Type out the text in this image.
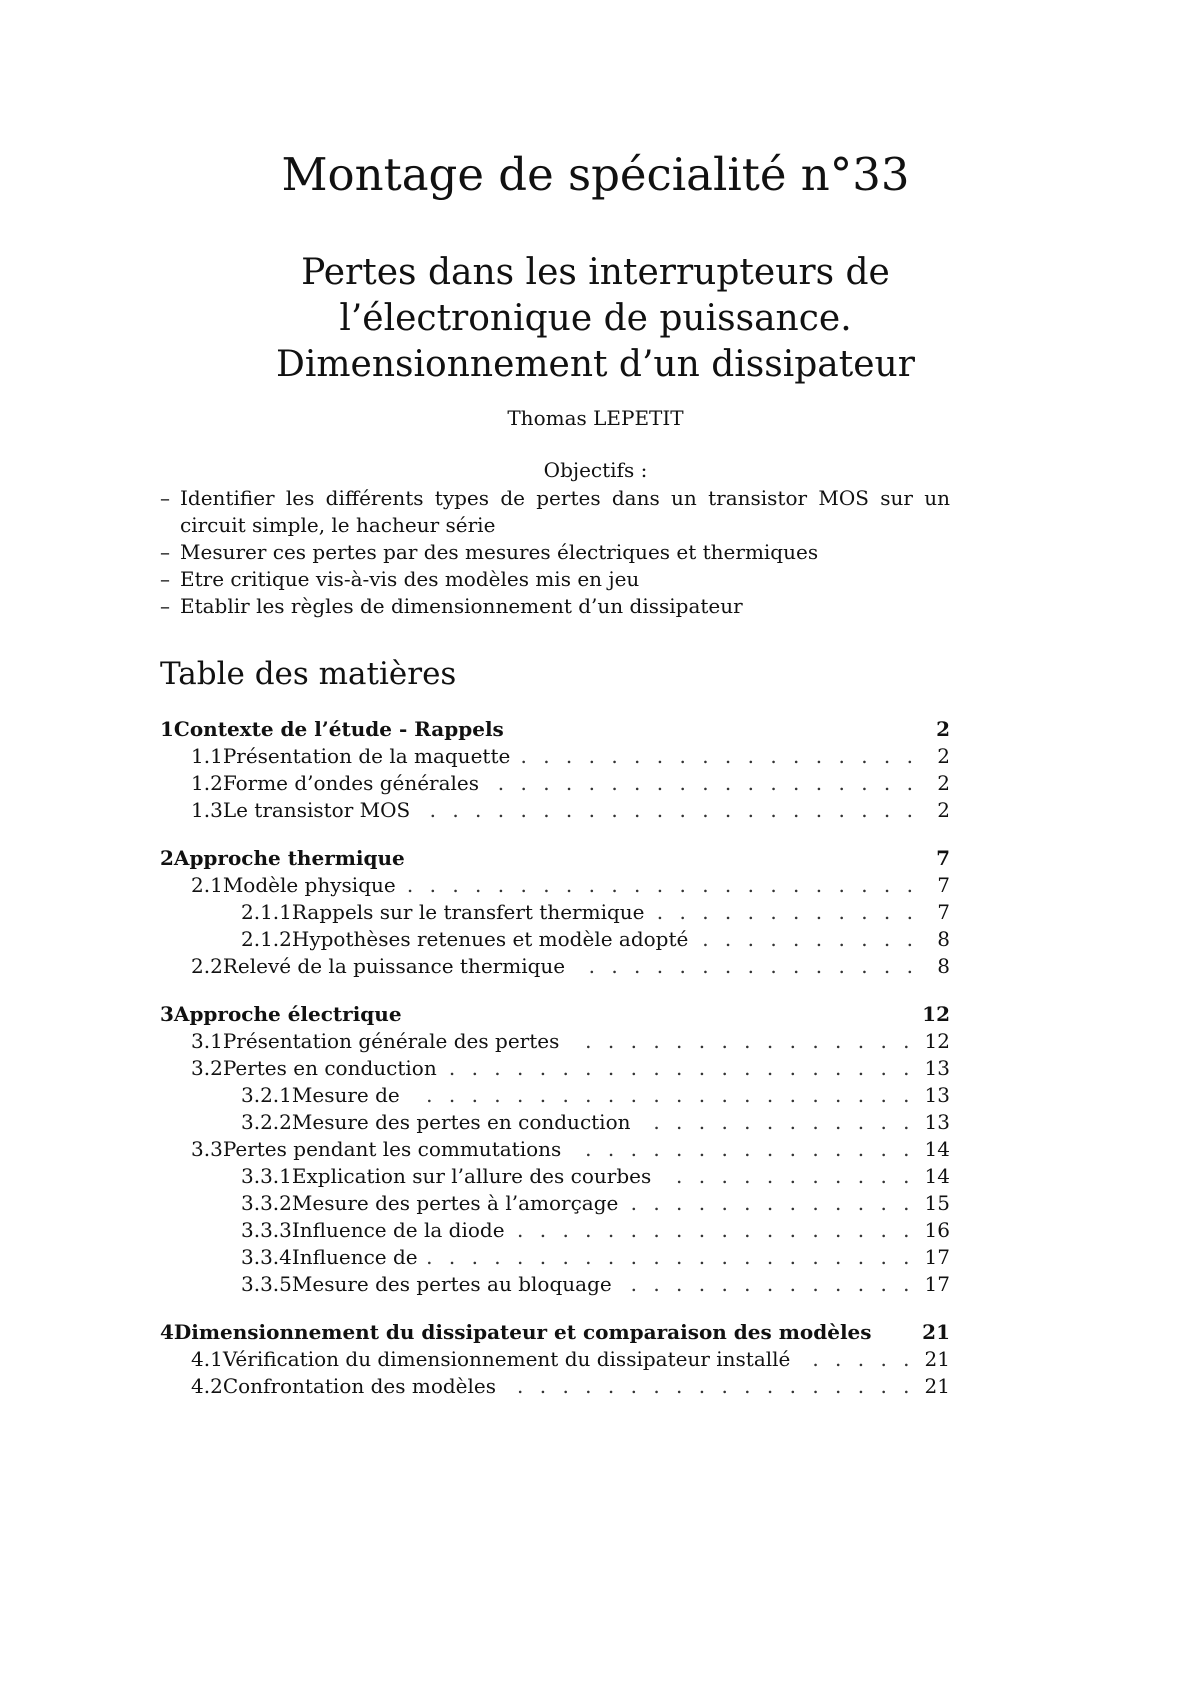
Montage de spécialité n°33
Pertes dans les interrupteurs de
l’électronique de puissance.
Dimensionnement d’un dissipateur
Thomas LEPETIT
Objectifs :
– Identifier les différents types de pertes dans un transistor MOS sur un circuit simple, le hacheur série
– Mesurer ces pertes par des mesures électriques et thermiques
– Etre critique vis-à-vis des modèles mis en jeu
– Etablir les règles de dimensionnement d’un dissipateur
Table des matières
1 Contexte de l’étude - Rappels	2
1.1 Présentation de la maquette . . .	2
1.2 Forme d’ondes générales . . .	2
1.3 Le transistor MOS . . .	2
2 Approche thermique	7
2.1 Modèle physique . . .	7
2.1.1 Rappels sur le transfert thermique . . .	7
2.1.2 Hypothèses retenues et modèle adopté . . .	8
2.2 Relevé de la puissance thermique . . .	8
3 Approche électrique	12
3.1 Présentation générale des pertes . . .	12
3.2 Pertes en conduction . . .	13
3.2.1 Mesure de . . .	13
3.2.2 Mesure des pertes en conduction . . .	13
3.3 Pertes pendant les commutations . . .	14
3.3.1 Explication sur l’allure des courbes . . .	14
3.3.2 Mesure des pertes à l’amorçage . . .	15
3.3.3 Influence de la diode . . .	16
3.3.4 Influence de . . .	17
3.3.5 Mesure des pertes au bloquage . . .	17
4 Dimensionnement du dissipateur et comparaison des modèles	21
4.1 Vérification du dimensionnement du dissipateur installé . . .	21
4.2 Confrontation des modèles . . .	21
